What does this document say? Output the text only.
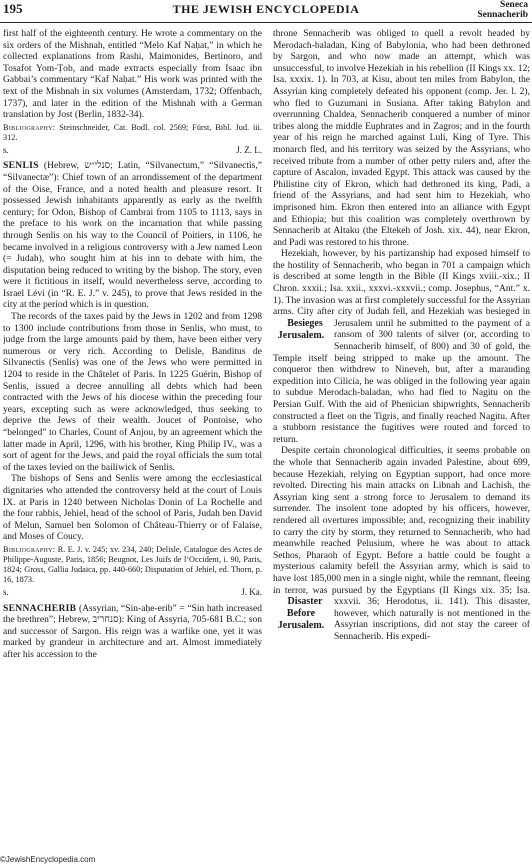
195	THE JEWISH ENCYCLOPEDIA	Seneca
Sennacherib

first half of the eighteenth century. He wrote a commentary on the six orders of the Mishnah, entitled “Melo Kaf Naḥat,” in which he collected explanations from Rashi, Maimonides, Bertinoro, and Tosafot Yom-Ṭob, and made extracts especially from Isaac ibn Gabbai’s commentary “Kaf Naḥat.” His work was printed with the text of the Mishnah in six volumes (Amsterdam, 1732; Offenbach, 1737), and later in the edition of the Mishnah with a German translation by Jost (Berlin, 1832-34).

Bibliography: Steinschneider, Cat. Bodl. col. 2569; Fürst, Bibl. Jud. iii. 312.

s.	J. Z. L.

SENLIS (Hebrew, סנלי״ש; Latin, “Silvanectum,” “Silvanectis,” “Silvanectæ”): Chief town of an arrondissement of the department of the Oise, France, and a noted health and pleasure resort. It possessed Jewish inhabitants apparently as early as the twelfth century; for Odon, Bishop of Cambrai from 1105 to 1113, says in the preface to his work on the incarnation that while passing through Senlis on his way to the Council of Poitiers, in 1106, he became involved in a religious controversy with a Jew named Leon (= Judah), who sought him at his inn to debate with him, the disputation being reduced to writing by the bishop. The story, even were it fictitious in itself, would nevertheless serve, according to Israel Lévi (in “R. E. J.” v. 245), to prove that Jews resided in the city at the period which is in question.

The records of the taxes paid by the Jews in 1202 and from 1298 to 1300 include contributions from those in Senlis, who must, to judge from the large amounts paid by them, have been either very numerous or very rich. According to Delisle, Banditus de Silvanectis (Senlis) was one of the Jews who were permitted in 1204 to reside in the Châtelet of Paris. In 1225 Guérin, Bishop of Senlis, issued a decree annulling all debts which had been contracted with the Jews of his diocese within the preceding four years, excepting such as were acknowledged, thus seeking to deprive the Jews of their wealth. Joucet of Pontoise, who “belonged” to Charles, Count of Anjou, by an agreement which the latter made in April, 1296, with his brother, King Philip IV., was a sort of agent for the Jews, and paid the royal officials the sum total of the taxes levied on the bailiwick of Senlis.

The bishops of Sens and Senlis were among the ecclesiastical dignitaries who attended the controversy held at the court of Louis IX. at Paris in 1240 between Nicholas Donin of La Rochelle and the four rabbis, Jehiel, head of the school of Paris, Judah ben David of Melun, Samuel ben Solomon of Château-Thierry or of Falaise, and Moses of Coucy.

Bibliography: R. E. J. v. 245; xv. 234, 240; Delisle, Catalogue des Actes de Philippe-Auguste, Paris, 1856; Beugnot, Les Juifs de l’Occident, i. 90, Paris, 1824; Gross, Gallia Judaica, pp. 440-660; Disputation of Jehiel, ed. Thorn, p. 16, 1873.

s.	J. Ka.

SENNACHERIB (Assyrian, “Sin-aḥe-erib” = “Sin hath increased the brethren”; Hebrew, סנחריב): King of Assyria, 705-681 B.C.; son and successor of Sargon. His reign was a warlike one, yet it was marked by grandeur in architecture and art. Almost immediately after his accession to the

throne Sennacherib was obliged to quell a revolt headed by Merodach-baladan, King of Babylonia, who had been dethroned by Sargon, and who now made an attempt, which was unsuccessful, to involve Hezekiah in his rebellion (II Kings xx. 12; Isa. xxxix. 1). In 703, at Kisu, about ten miles from Babylon, the Assyrian king completely defeated his opponent (comp. Jer. l. 2), who fled to Guzumani in Susiana. After taking Babylon and overrunning Chaldea, Sennacherib conquered a number of minor tribes along the middle Euphrates and in Zagros; and in the fourth year of his reign he marched against Luli, King of Tyre. This monarch fled, and his territory was seized by the Assyrians, who received tribute from a number of other petty rulers and, after the capture of Ascalon, invaded Egypt. This attack was caused by the Philistine city of Ekron, which had dethroned its king, Padi, a friend of the Assyrians, and had sent him to Hezekiah, who imprisoned him. Ekron then entered into an alliance with Egypt and Ethiopia; but this coalition was completely overthrown by Sennacherib at Altaku (the Eltekeh of Josh. xix. 44), near Ekron, and Padi was restored to his throne.

Hezekiah, however, by his partizanship had exposed himself to the hostility of Sennacherib, who began in 701 a campaign which is described at some length in the Bible (II Kings xviii.-xix.; II Chron. xxxii.; Isa. xxii., xxxvi.-xxxvii.; comp. Josephus, “Ant.” x. 1). The invasion was at first completely successful for the Assyrian arms. City after city of Judah fell, and Hezekiah was besieged in Jerusalem until he submitted to the payment of
Besieges
Jerusalem.
a ransom of 300 talents of silver (or, according to Sennacherib himself, of 800) and 30 of gold, the Temple itself being stripped to make up the amount. The conqueror then withdrew to Nineveh, but, after a marauding expedition into Cilicia, he was obliged in the following year again to subdue Merodach-baladan, who had fled to Nagitu on the Persian Gulf. With the aid of Phenician shipwrights, Sennacherib constructed a fleet on the Tigris, and finally reached Nagitu. After a stubborn resistance the fugitives were routed and forced to return.

Despite certain chronological difficulties, it seems probable on the whole that Sennacherib again invaded Palestine, about 699, because Hezekiah, relying on Egyptian support, had once more revolted. Directing his main attacks on Libnah and Lachish, the Assyrian king sent a strong force to Jerusalem to demand its surrender. The insolent tone adopted by his officers, however, rendered all overtures impossible; and, recognizing their inability to carry the city by storm, they returned to Sennacherib, who had meanwhile reached Pelusium, where he was about to attack Sethos, Pharaoh of Egypt. Before a battle could be fought a mysterious calamity befell the Assyrian army, which is said to have lost 185,000 men in a single night, while the remnant, fleeing in terror, was pursued by the Egyptians (II Kings xix. 35; Isa. xxxvii. 36; Herodotus, ii. 141).
Disaster
Before
Jerusalem.
This disaster, however, which naturally is not mentioned in the Assyrian inscriptions, did not stay the career of Sennacherib. His expedi-

©JewishEncyclopedia.com
